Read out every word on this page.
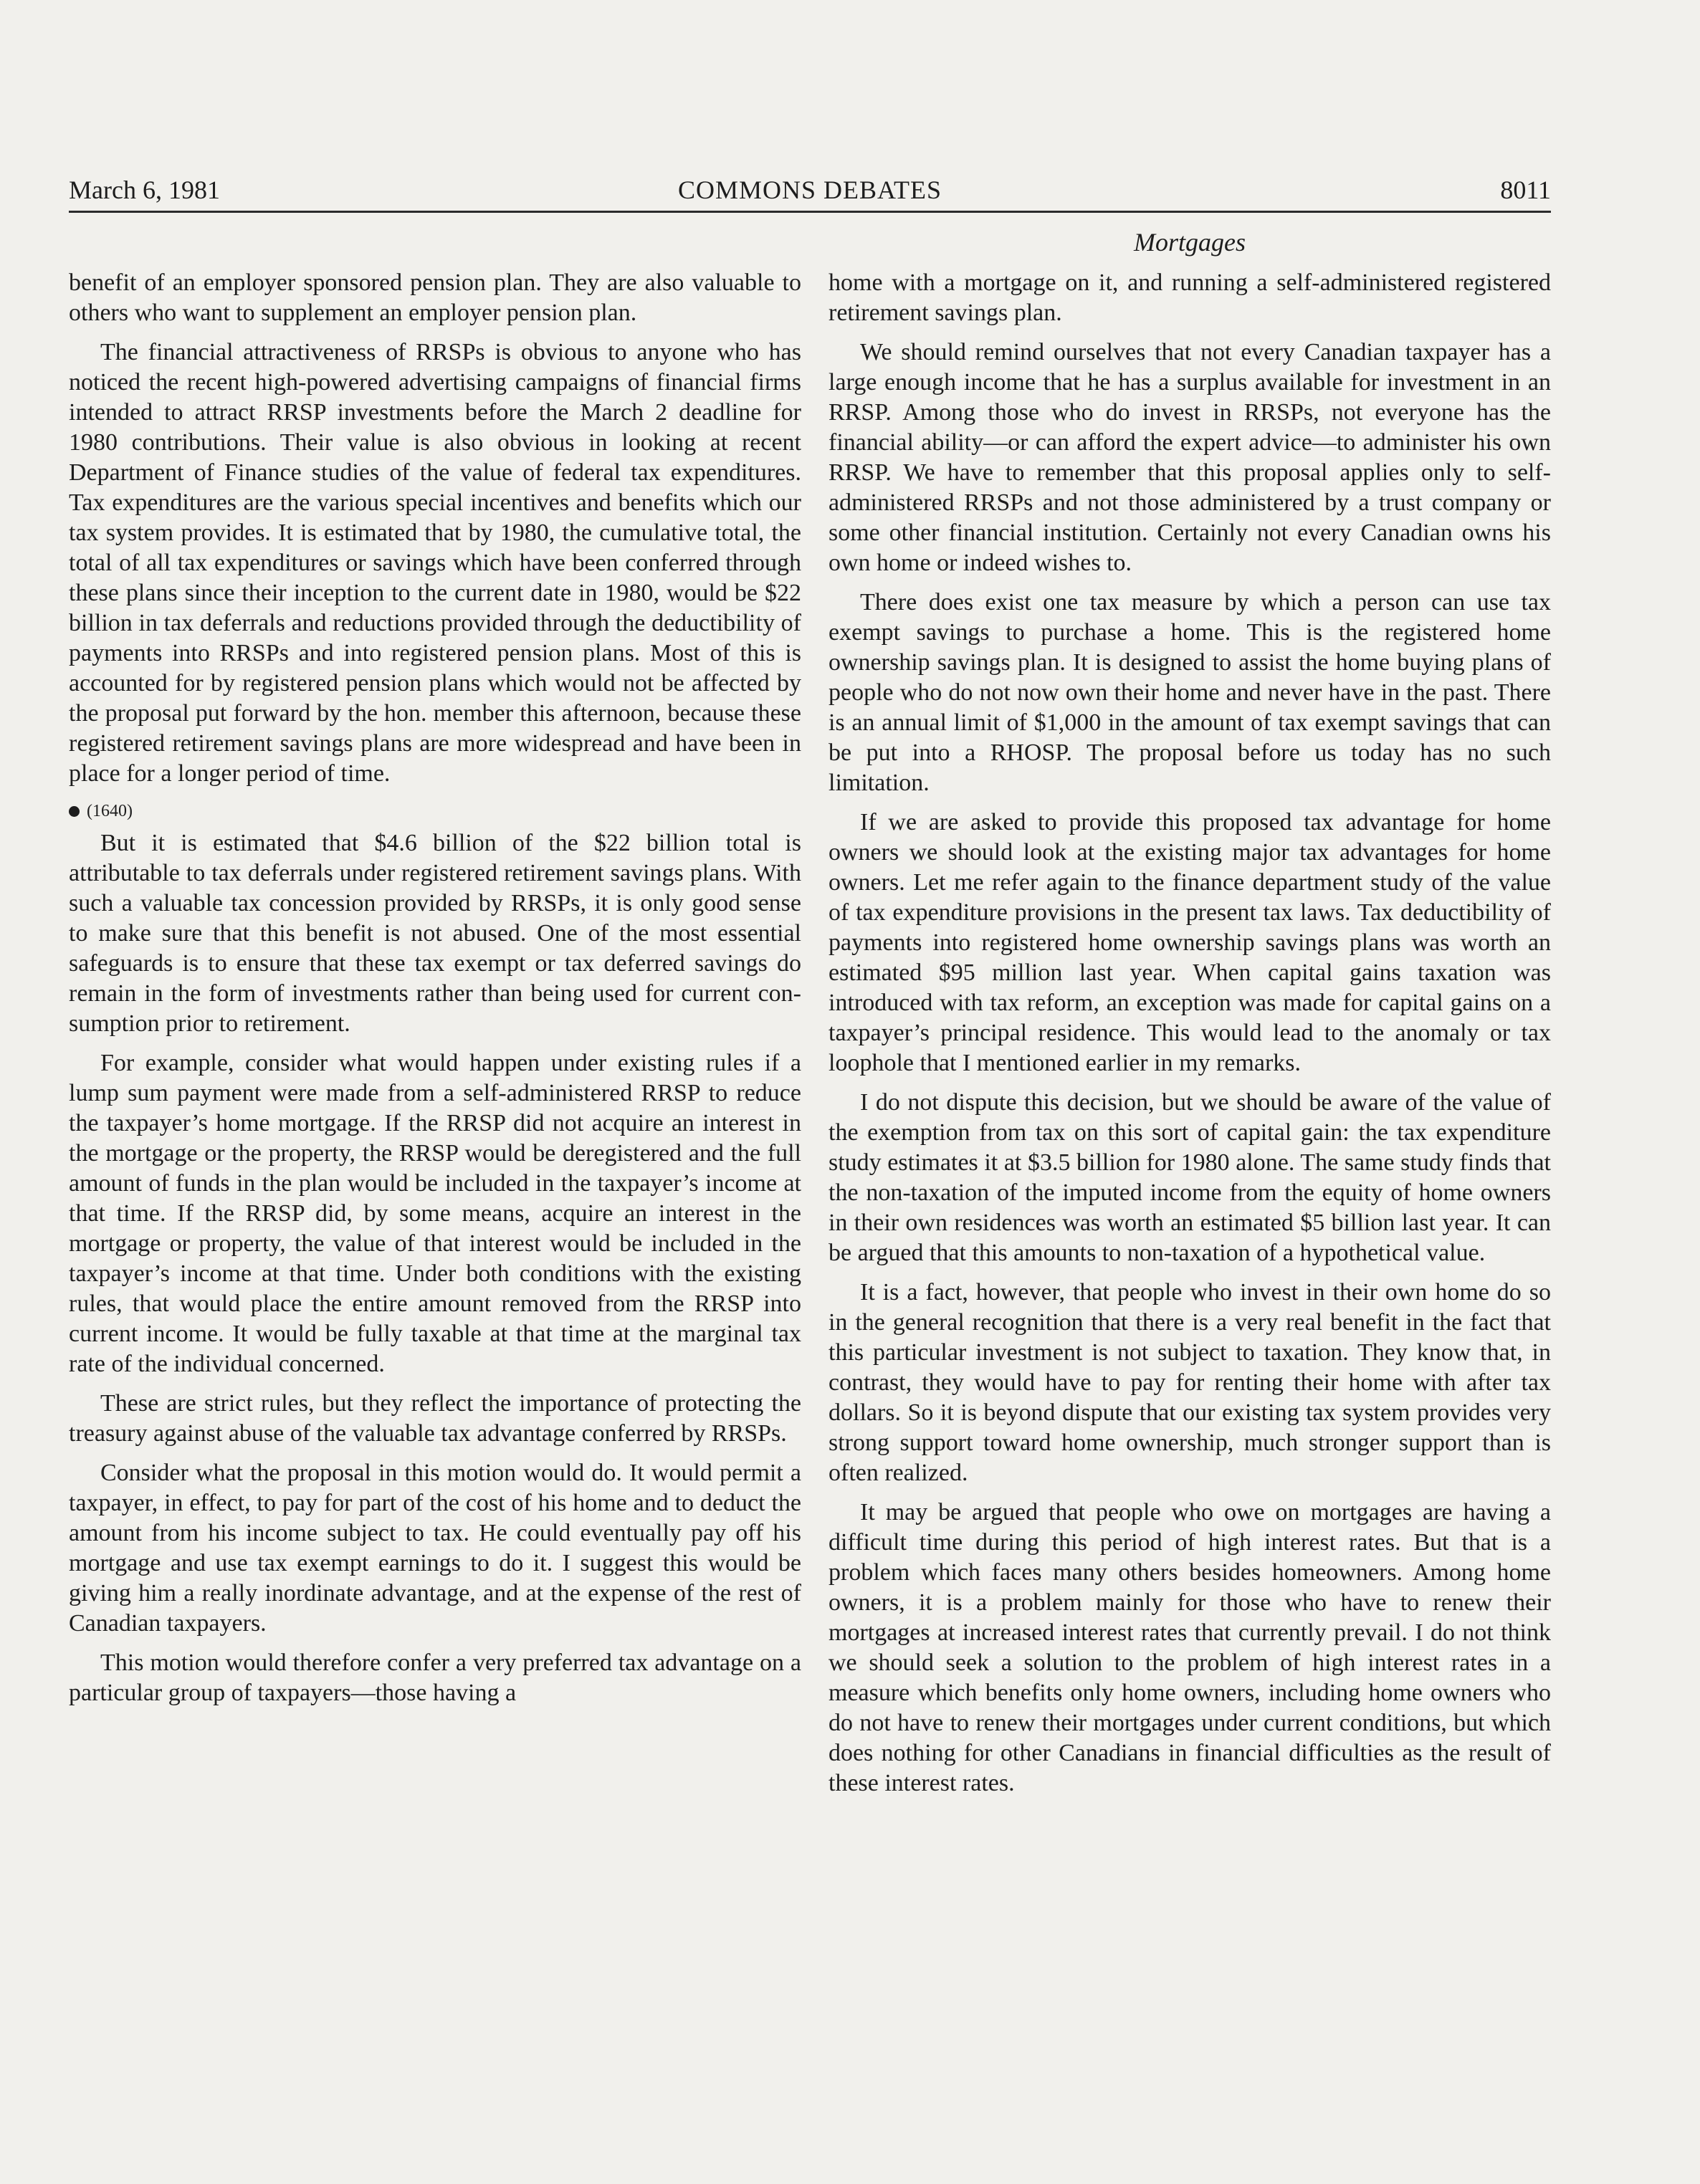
March 6, 1981	COMMONS DEBATES	8011
Mortgages

benefit of an employer sponsored pension plan. They are also valuable to others who want to supplement an employer pension plan.

The financial attractiveness of RRSPs is obvious to anyone who has noticed the recent high-powered advertising campaigns of financial firms intended to attract RRSP investments before the March 2 deadline for 1980 contributions. Their value is also obvious in looking at recent Department of Finance studies of the value of federal tax expenditures. Tax expenditures are the various special incentives and benefits which our tax system provides. It is estimated that by 1980, the cumulative total, the total of all tax expenditures or savings which have been conferred through these plans since their inception to the current date in 1980, would be $22 billion in tax deferrals and reductions provided through the deductibility of payments into RRSPs and into registered pension plans. Most of this is accounted for by registered pension plans which would not be affected by the proposal put forward by the hon. member this afternoon, because these registered retirement savings plans are more widespread and have been in place for a longer period of time.

(1640)

But it is estimated that $4.6 billion of the $22 billion total is attributable to tax deferrals under registered retirement savings plans. With such a valuable tax concession provided by RRSPs, it is only good sense to make sure that this benefit is not abused. One of the most essential safeguards is to ensure that these tax exempt or tax deferred savings do remain in the form of investments rather than being used for current consumption prior to retirement.

For example, consider what would happen under existing rules if a lump sum payment were made from a self-administered RRSP to reduce the taxpayer’s home mortgage. If the RRSP did not acquire an interest in the mortgage or the property, the RRSP would be deregistered and the full amount of funds in the plan would be included in the taxpayer’s income at that time. If the RRSP did, by some means, acquire an interest in the mortgage or property, the value of that interest would be included in the taxpayer’s income at that time. Under both conditions with the existing rules, that would place the entire amount removed from the RRSP into current income. It would be fully taxable at that time at the marginal tax rate of the individual concerned.

These are strict rules, but they reflect the importance of protecting the treasury against abuse of the valuable tax advantage conferred by RRSPs.

Consider what the proposal in this motion would do. It would permit a taxpayer, in effect, to pay for part of the cost of his home and to deduct the amount from his income subject to tax. He could eventually pay off his mortgage and use tax exempt earnings to do it. I suggest this would be giving him a really inordinate advantage, and at the expense of the rest of Canadian taxpayers.

This motion would therefore confer a very preferred tax advantage on a particular group of taxpayers—those having a

home with a mortgage on it, and running a self-administered registered retirement savings plan.

We should remind ourselves that not every Canadian taxpayer has a large enough income that he has a surplus available for investment in an RRSP. Among those who do invest in RRSPs, not everyone has the financial ability—or can afford the expert advice—to administer his own RRSP. We have to remember that this proposal applies only to self-administered RRSPs and not those administered by a trust company or some other financial institution. Certainly not every Canadian owns his own home or indeed wishes to.

There does exist one tax measure by which a person can use tax exempt savings to purchase a home. This is the registered home ownership savings plan. It is designed to assist the home buying plans of people who do not now own their home and never have in the past. There is an annual limit of $1,000 in the amount of tax exempt savings that can be put into a RHOSP. The proposal before us today has no such limitation.

If we are asked to provide this proposed tax advantage for home owners we should look at the existing major tax advantages for home owners. Let me refer again to the finance department study of the value of tax expenditure provisions in the present tax laws. Tax deductibility of payments into registered home ownership savings plans was worth an estimated $95 million last year. When capital gains taxation was introduced with tax reform, an exception was made for capital gains on a taxpayer’s principal residence. This would lead to the anomaly or tax loophole that I mentioned earlier in my remarks.

I do not dispute this decision, but we should be aware of the value of the exemption from tax on this sort of capital gain: the tax expenditure study estimates it at $3.5 billion for 1980 alone. The same study finds that the non-taxation of the imputed income from the equity of home owners in their own residences was worth an estimated $5 billion last year. It can be argued that this amounts to non-taxation of a hypothetical value.

It is a fact, however, that people who invest in their own home do so in the general recognition that there is a very real benefit in the fact that this particular investment is not subject to taxation. They know that, in contrast, they would have to pay for renting their home with after tax dollars. So it is beyond dispute that our existing tax system provides very strong support toward home ownership, much stronger support than is often realized.

It may be argued that people who owe on mortgages are having a difficult time during this period of high interest rates. But that is a problem which faces many others besides homeowners. Among home owners, it is a problem mainly for those who have to renew their mortgages at increased interest rates that currently prevail. I do not think we should seek a solution to the problem of high interest rates in a measure which benefits only home owners, including home owners who do not have to renew their mortgages under current conditions, but which does nothing for other Canadians in financial difficulties as the result of these interest rates.
